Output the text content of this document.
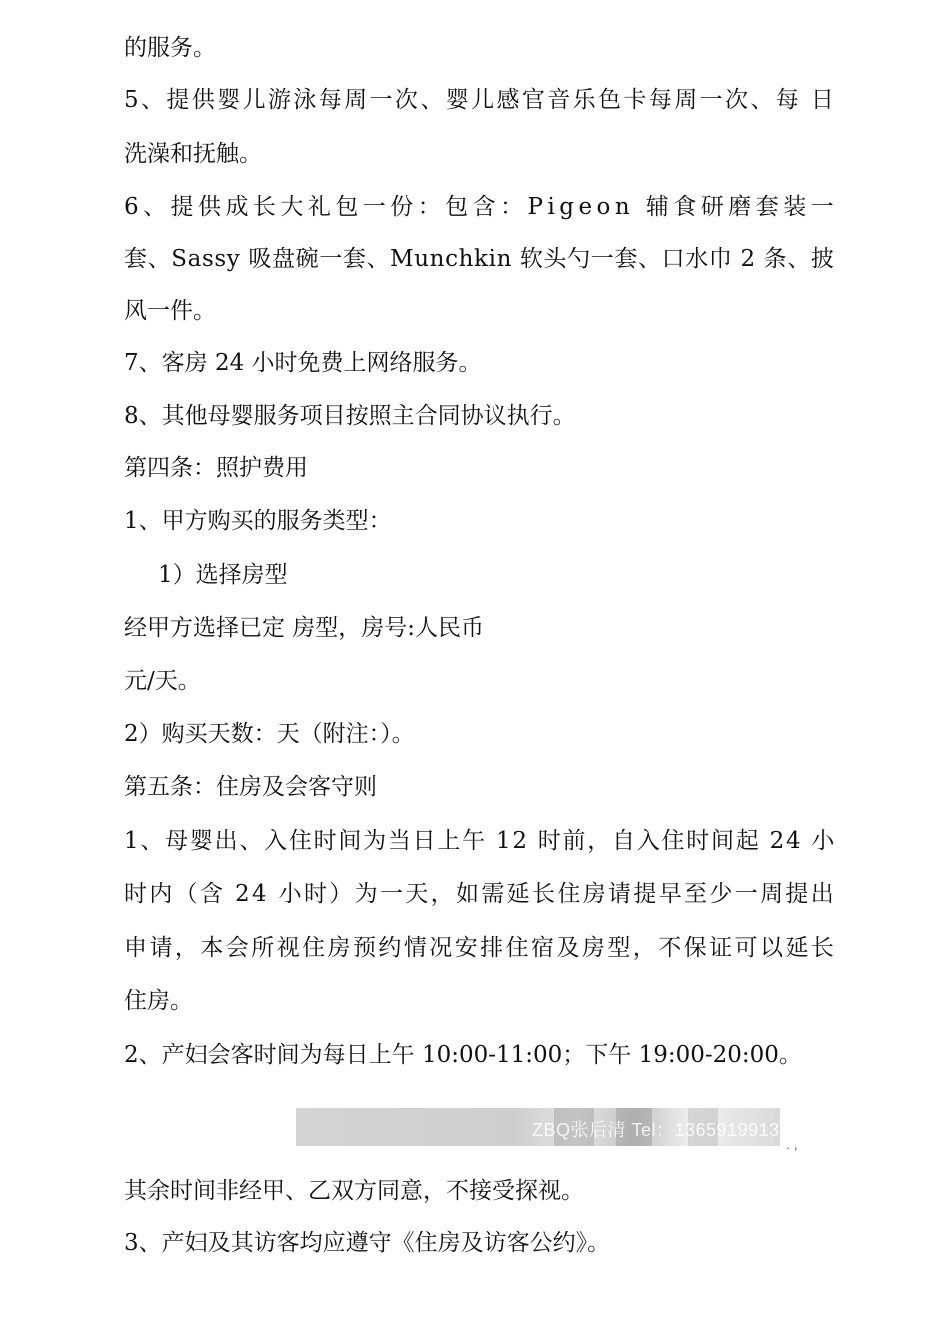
的服务。
5、提供婴儿游泳每周一次、婴儿感官音乐色卡每周一次、每 日
洗澡和抚触。
6、提供成长大礼包一份：包含：Pigeon 辅食研磨套装一
套、Sassy 吸盘碗一套、Munchkin 软头勺一套、口水巾 2 条、披
风一件。
7、客房 24 小时免费上网络服务。
8、其他母婴服务项目按照主合同协议执行。
第四条：照护费用
1、甲方购买的服务类型：
1）选择房型
经甲方选择已定 房型，房号:人民币
元/天。
2）购买天数：天（附注：）。
第五条：住房及会客守则
1、母婴出、入住时间为当日上午 12 时前，自入住时间起 24 小
时内（含 24 小时）为一天，如需延长住房请提早至少一周提出
申请，本会所视住房预约情况安排住宿及房型，不保证可以延长
住房。
2、产妇会客时间为每日上午 10:00-11:00；下午 19:00-20:00。
ZBQ张后清 Tel：13659199135
. ,
其余时间非经甲、乙双方同意，不接受探视。
3、产妇及其访客均应遵守《住房及访客公约》。
